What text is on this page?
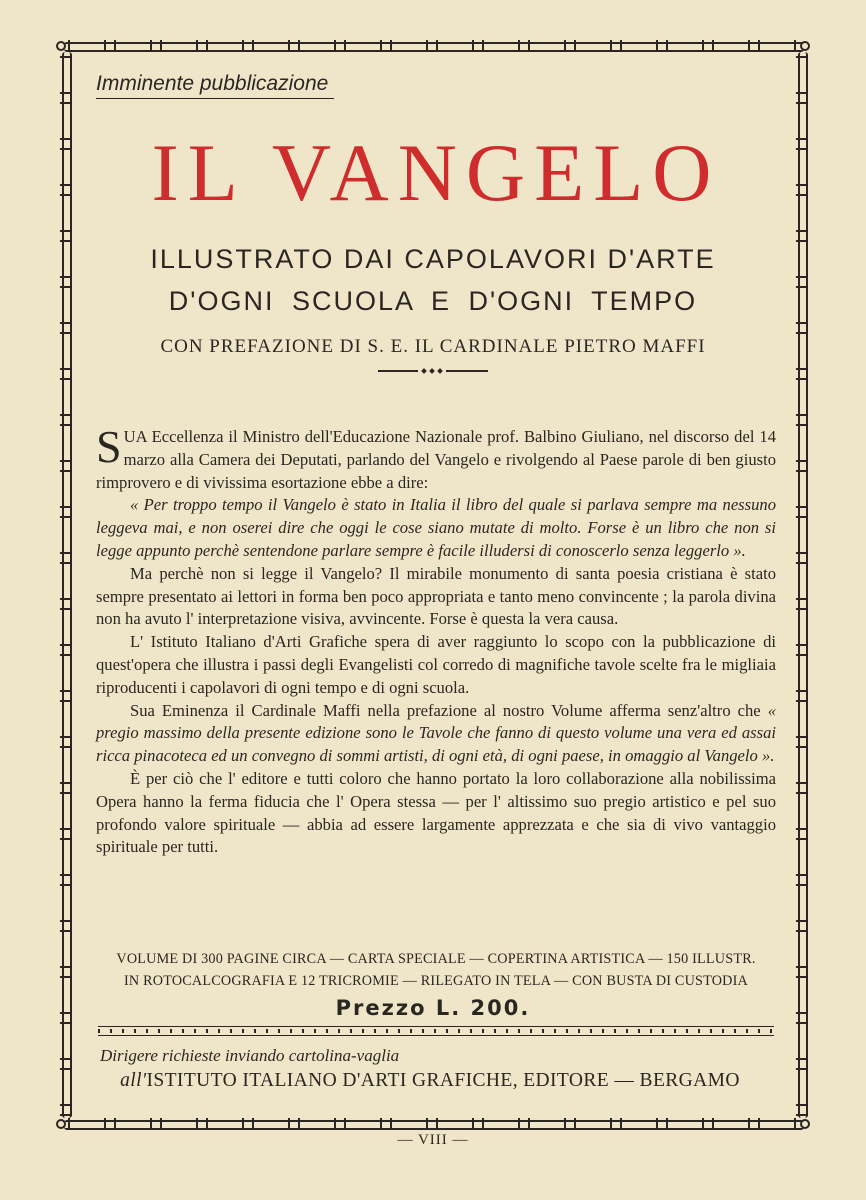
Imminente pubblicazione
IL VANGELO
ILLUSTRATO DAI CAPOLAVORI D'ARTE
D'OGNI SCUOLA E D'OGNI TEMPO
CON PREFAZIONE DI S. E. IL CARDINALE PIETRO MAFFI

SUA Eccellenza il Ministro dell'Educazione Nazionale prof. Balbino Giuliano, nel discorso del 14 marzo alla Camera dei Deputati, parlando del Vangelo e rivolgendo al Paese parole di ben giusto rimprovero e di vivissima esortazione ebbe a dire:

« Per troppo tempo il Vangelo è stato in Italia il libro del quale si parlava sempre ma nessuno leggeva mai, e non oserei dire che oggi le cose siano mutate di molto. Forse è un libro che non si legge appunto perchè sentendone parlare sempre è facile illudersi di conoscerlo senza leggerlo ».

Ma perchè non si legge il Vangelo? Il mirabile monumento di santa poesia cristiana è stato sempre presentato ai lettori in forma ben poco appropriata e tanto meno convincente ; la parola divina non ha avuto l' interpretazione visiva, avvincente. Forse è questa la vera causa.

L' Istituto Italiano d'Arti Grafiche spera di aver raggiunto lo scopo con la pubblicazione di quest'opera che illustra i passi degli Evangelisti col corredo di magnifiche tavole scelte fra le migliaia riproducenti i capolavori di ogni tempo e di ogni scuola.

Sua Eminenza il Cardinale Maffi nella prefazione al nostro Volume afferma senz'altro che « pregio massimo della presente edizione sono le Tavole che fanno di questo volume una vera ed assai ricca pinacoteca ed un convegno di sommi artisti, di ogni età, di ogni paese, in omaggio al Vangelo ».

È per ciò che l' editore e tutti coloro che hanno portato la loro collaborazione alla nobilissima Opera hanno la ferma fiducia che l' Opera stessa — per l' altissimo suo pregio artistico e pel suo profondo valore spirituale — abbia ad essere largamente apprezzata e che sia di vivo vantaggio spirituale per tutti.

VOLUME DI 300 PAGINE CIRCA — CARTA SPECIALE — COPERTINA ARTISTICA — 150 ILLUSTR.
IN ROTOCALCOGRAFIA E 12 TRICROMIE — RILEGATO IN TELA — CON BUSTA DI CUSTODIA
Prezzo L. 200.
Dirigere richieste inviando cartolina-vaglia
all'ISTITUTO ITALIANO D'ARTI GRAFICHE, EDITORE — BERGAMO
— VIII —
